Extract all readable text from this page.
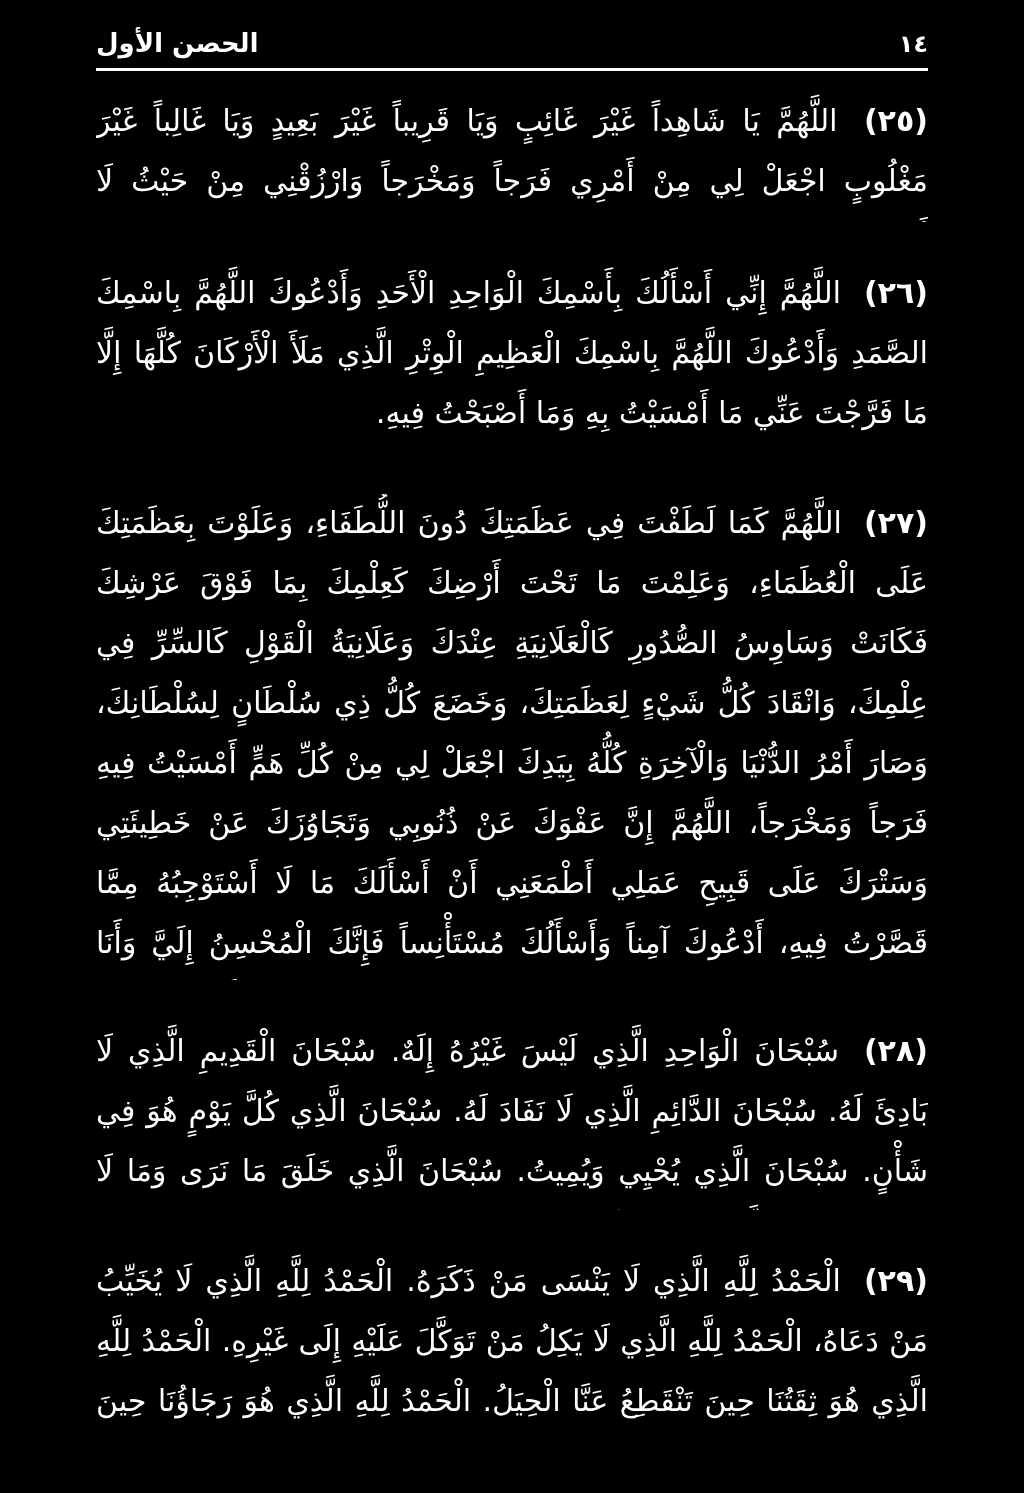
١٤
الحصن الأول

(٢٥) اللَّهُمَّ يَا شَاهِداً غَيْرَ غَائِبٍ وَيَا قَرِيباً غَيْرَ بَعِيدٍ وَيَا غَالِباً غَيْرَ مَغْلُوبٍ اجْعَلْ لِي مِنْ أَمْرِي فَرَجاً وَمَخْرَجاً وَارْزُقْنِي مِنْ حَيْثُ لَا

(٢٦) اللَّهُمَّ إِنِّي أَسْأَلُكَ بِأَسْمِكَ الْوَاحِدِ الْأَحَدِ وَأَدْعُوكَ اللَّهُمَّ بِاسْمِكَ الصَّمَدِ وَأَدْعُوكَ اللَّهُمَّ بِاسْمِكَ الْعَظِيمِ الْوِتْرِ الَّذِي مَلَأَ الْأَرْكَانَ كُلَّهَا إِلَّا مَا فَرَّجْتَ عَنِّي مَا أَمْسَيْتُ بِهِ وَمَا أَصْبَحْتُ فِيهِ.

(٢٧) اللَّهُمَّ كَمَا لَطَفْتَ فِي عَظَمَتِكَ دُونَ اللُّطَفَاءِ، وَعَلَوْتَ بِعَظَمَتِكَ عَلَى الْعُظَمَاءِ، وَعَلِمْتَ مَا تَحْتَ أَرْضِكَ كَعِلْمِكَ بِمَا فَوْقَ عَرْشِكَ فَكَانَتْ وَسَاوِسُ الصُّدُورِ كَالْعَلَانِيَةِ عِنْدَكَ وَعَلَانِيَةُ الْقَوْلِ كَالسِّرِّ فِي عِلْمِكَ، وَانْقَادَ كُلُّ شَيْءٍ لِعَظَمَتِكَ، وَخَضَعَ كُلُّ ذِي سُلْطَانٍ لِسُلْطَانِكَ، وَصَارَ أَمْرُ الدُّنْيَا وَالْآخِرَةِ كُلُّهُ بِيَدِكَ اجْعَلْ لِي مِنْ كُلِّ هَمٍّ أَمْسَيْتُ فِيهِ فَرَجاً وَمَخْرَجاً، اللَّهُمَّ إِنَّ عَفْوَكَ عَنْ ذُنُوبِي وَتَجَاوُزَكَ عَنْ خَطِيئَتِي وَسَتْرَكَ عَلَى قَبِيحِ عَمَلِي أَطْمَعَنِي أَنْ أَسْأَلَكَ مَا لَا أَسْتَوْجِبُهُ مِمَّا قَصَّرْتُ فِيهِ، أَدْعُوكَ آمِناً وَأَسْأَلُكَ مُسْتَأْنِساً فَإِنَّكَ الْمُحْسِنُ إِلَيَّ وَأَنَا

(٢٨) سُبْحَانَ الْوَاحِدِ الَّذِي لَيْسَ غَيْرُهُ إِلَهٌ. سُبْحَانَ الْقَدِيمِ الَّذِي لَا بَادِئَ لَهُ. سُبْحَانَ الدَّائِمِ الَّذِي لَا نَفَادَ لَهُ. سُبْحَانَ الَّذِي كُلَّ يَوْمٍ هُوَ فِي شَأْنٍ. سُبْحَانَ الَّذِي يُحْيِي وَيُمِيتُ. سُبْحَانَ الَّذِي خَلَقَ مَا نَرَى وَمَا لَا

(٢٩) الْحَمْدُ لِلَّهِ الَّذِي لَا يَنْسَى مَنْ ذَكَرَهُ. الْحَمْدُ لِلَّهِ الَّذِي لَا يُخَيِّبُ مَنْ دَعَاهُ، الْحَمْدُ لِلَّهِ الَّذِي لَا يَكِلُ مَنْ تَوَكَّلَ عَلَيْهِ إِلَى غَيْرِهِ. الْحَمْدُ لِلَّهِ الَّذِي هُوَ ثِقَتُنَا حِينَ تَنْقَطِعُ عَنَّا الْحِيَلُ. الْحَمْدُ لِلَّهِ الَّذِي هُوَ رَجَاؤُنَا حِينَ
